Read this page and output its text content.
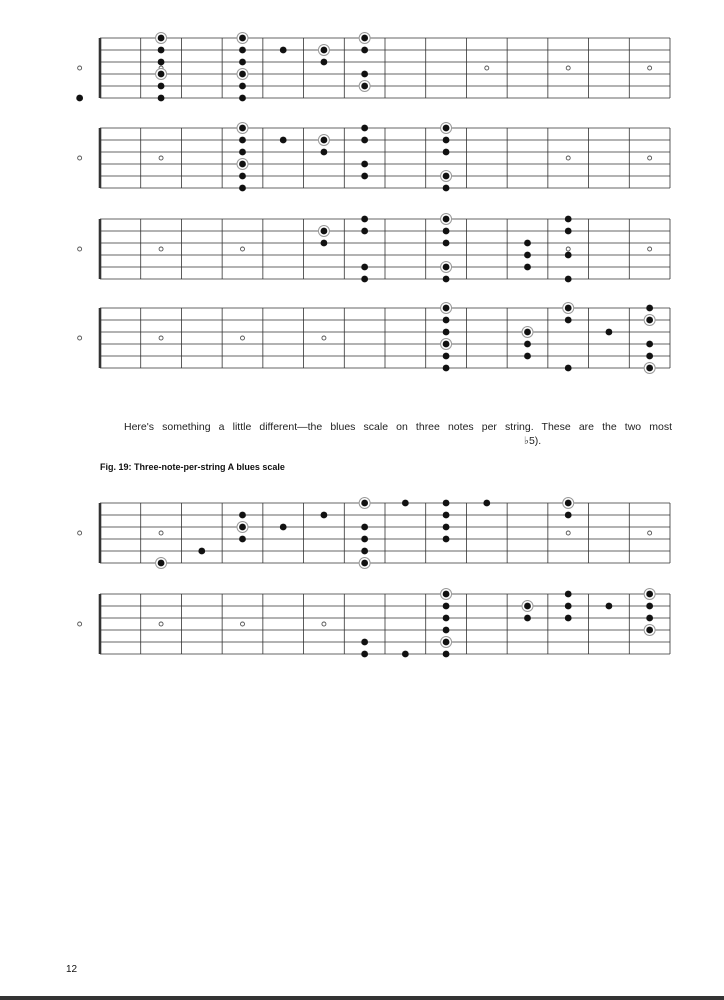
Here's something a little different—the blues scale on three notes per string. These are the two most
♭5).
Fig. 19: Three-note-per-string A blues scale
12
